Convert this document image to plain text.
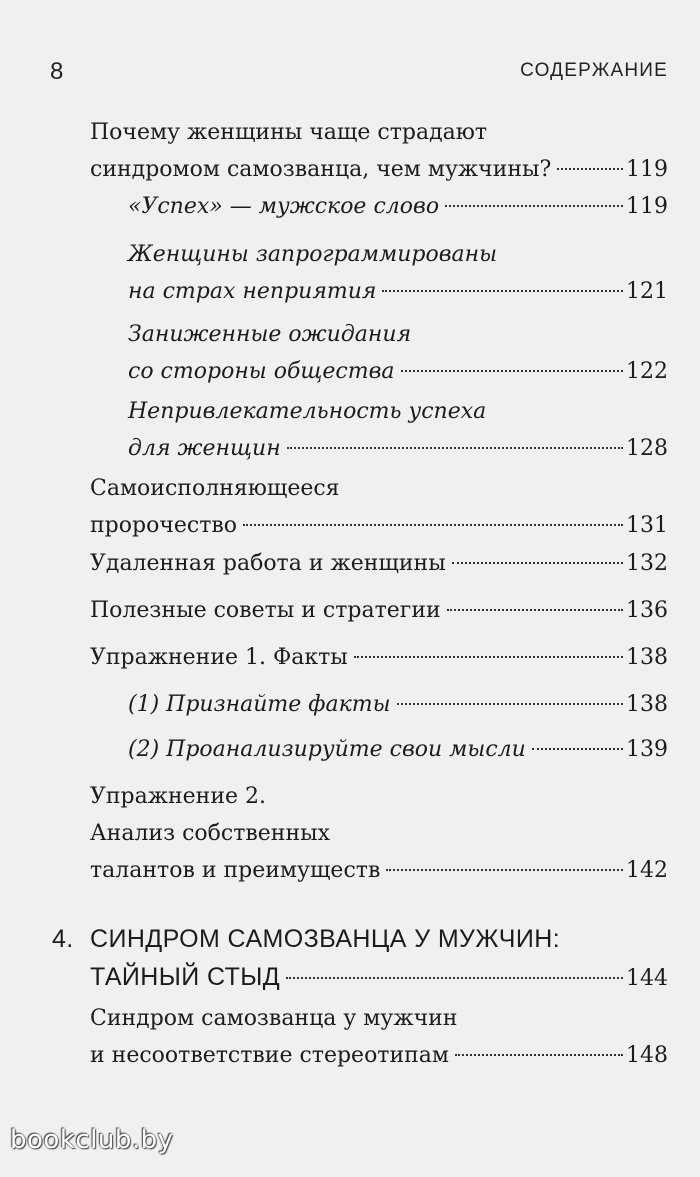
8	СОДЕРЖАНИЕ
Почему женщины чаще страдают
синдромом самозванца, чем мужчины?	119
«Успех» — мужское слово	119
Женщины запрограммированы
на страх неприятия	121
Заниженные ожидания
со стороны общества	122
Непривлекательность успеха
для женщин	128
Самоисполняющееся
пророчество	131
Удаленная работа и женщины	132
Полезные советы и стратегии	136
Упражнение 1. Факты	138
(1) Признайте факты	138
(2) Проанализируйте свои мысли	139
Упражнение 2.
Анализ собственных
талантов и преимуществ	142
4. СИНДРОМ САМОЗВАНЦА У МУЖЧИН:
ТАЙНЫЙ СТЫД	144
Синдром самозванца у мужчин
и несоответствие стереотипам	148
bookclub.by
